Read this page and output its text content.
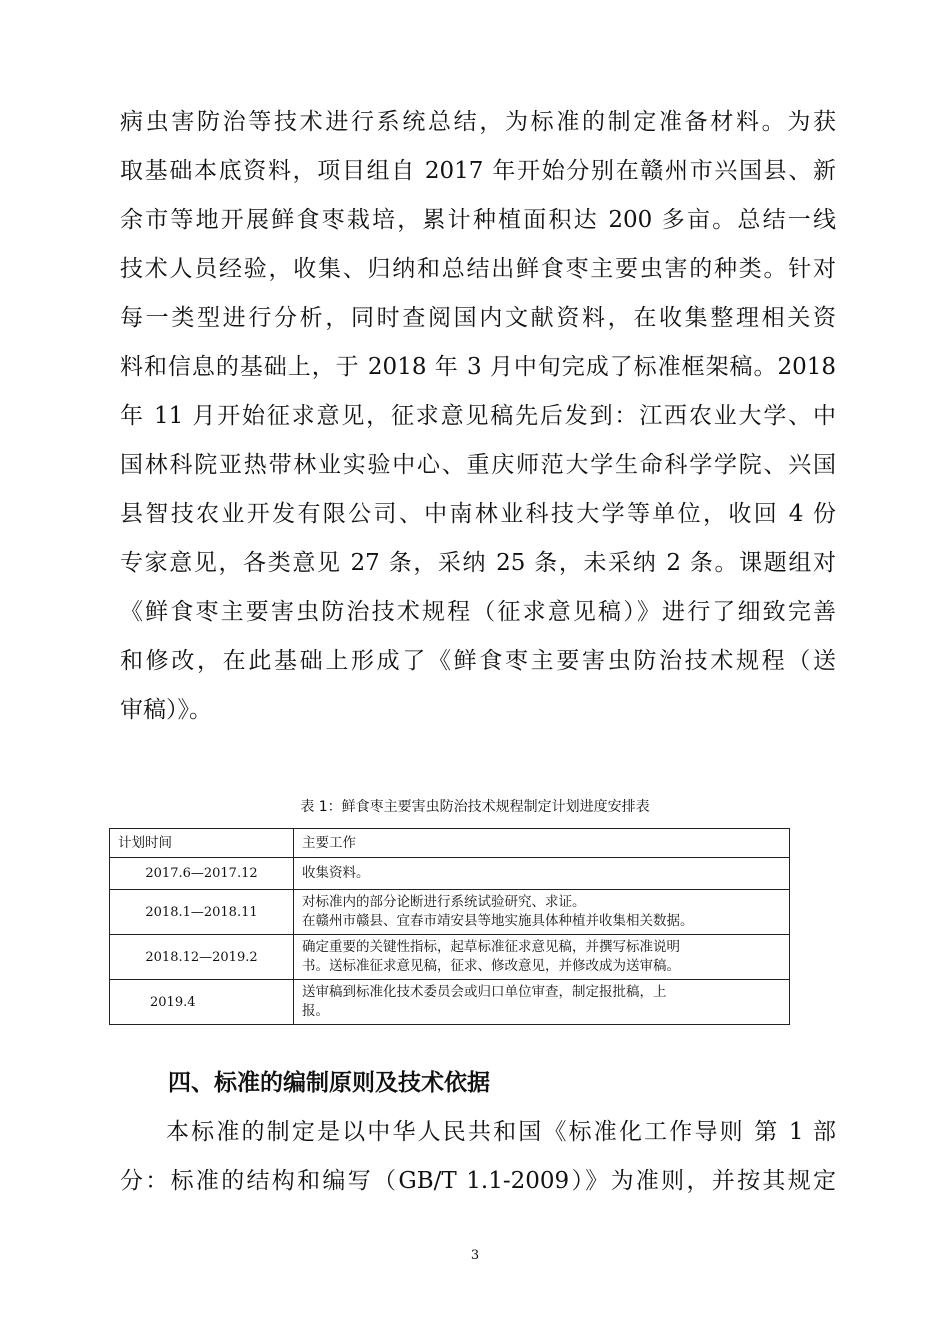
病虫害防治等技术进行系统总结，为标准的制定准备材料。为获
取基础本底资料，项目组自 2017 年开始分别在赣州市兴国县、新
余市等地开展鲜食枣栽培，累计种植面积达 200 多亩。总结一线
技术人员经验，收集、归纳和总结出鲜食枣主要虫害的种类。针对
每一类型进行分析，同时查阅国内文献资料，在收集整理相关资
料和信息的基础上，于 2018 年 3 月中旬完成了标准框架稿。2018
年 11 月开始征求意见，征求意见稿先后发到：江西农业大学、中
国林科院亚热带林业实验中心、重庆师范大学生命科学学院、兴国
县智技农业开发有限公司、中南林业科技大学等单位，收回 4 份
专家意见，各类意见 27 条，采纳 25 条，未采纳 2 条。课题组对
《鲜食枣主要害虫防治技术规程（征求意见稿）》进行了细致完善
和修改，在此基础上形成了《鲜食枣主要害虫防治技术规程（送
审稿）》。
表 1：鲜食枣主要害虫防治技术规程制定计划进度安排表
计划时间	主要工作
2017.6—2017.12	收集资料。

2018.1—2018.11	对标准内的部分论断进行系统试验研究、求证。
在赣州市赣县、宜春市靖安县等地实施具体种植并收集相关数据。

2018.12—2019.2	确定重要的关键性指标，起草标准征求意见稿，并撰写标准说明
书。送标准征求意见稿，征求、修改意见，并修改成为送审稿。

2019.4	送审稿到标准化技术委员会或归口单位审查，制定报批稿，上
报。
四、标准的编制原则及技术依据
本标准的制定是以中华人民共和国《标准化工作导则 第 1 部
分：标准的结构和编写（GB/T 1.1-2009）》为准则，并按其规定
3
